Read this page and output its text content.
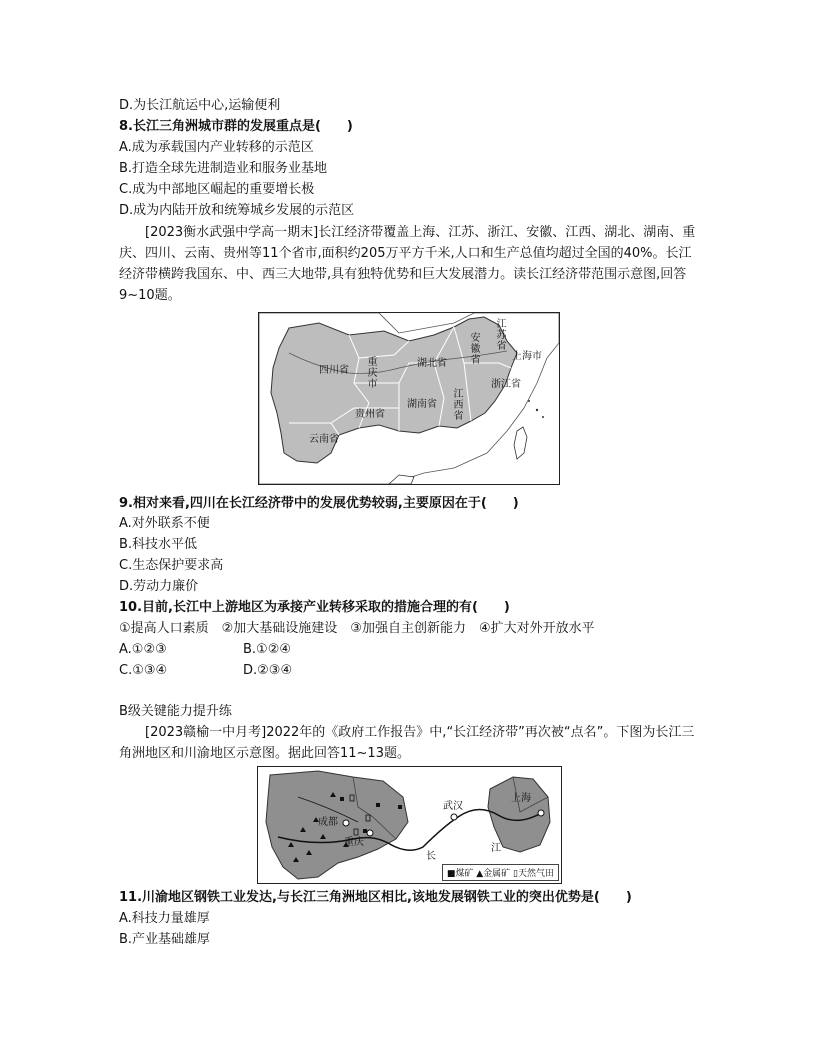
D.为长江航运中心,运输便利
8.长江三角洲城市群的发展重点是(　　)
A.成为承载国内产业转移的示范区
B.打造全球先进制造业和服务业基地
C.成为中部地区崛起的重要增长极
D.成为内陆开放和统筹城乡发展的示范区
[2023衡水武强中学高一期末]长江经济带覆盖上海、江苏、浙江、安徽、江西、湖北、湖南、重庆、四川、云南、贵州等11个省市,面积约205万平方千米,人口和生产总值均超过全国的40%。长江经济带横跨我国东、中、西三大地带,具有独特优势和巨大发展潜力。读长江经济带范围示意图,回答9~10题。
四川省
重庆市
湖北省
安徽省
江苏省
上海市
浙江省
江西省
湖南省
贵州省
云南省
9.相对来看,四川在长江经济带中的发展优势较弱,主要原因在于(　　)
A.对外联系不便
B.科技水平低
C.生态保护要求高
D.劳动力廉价
10.目前,长江中上游地区为承接产业转移采取的措施合理的有(　　)
①提高人口素质　②加大基础设施建设　③加强自主创新能力　④扩大对外开放水平
A.①②③	B.①②④
C.①③④	D.②③④
B级关键能力提升练
[2023赣榆一中月考]2022年的《政府工作报告》中,“长江经济带”再次被“点名”。下图为长江三角洲地区和川渝地区示意图。据此回答11~13题。
成都
重庆
武汉
上海
长
江
■煤矿 ▲金属矿 ▯天然气田
11.川渝地区钢铁工业发达,与长江三角洲地区相比,该地发展钢铁工业的突出优势是(　　)
A.科技力量雄厚
B.产业基础雄厚
